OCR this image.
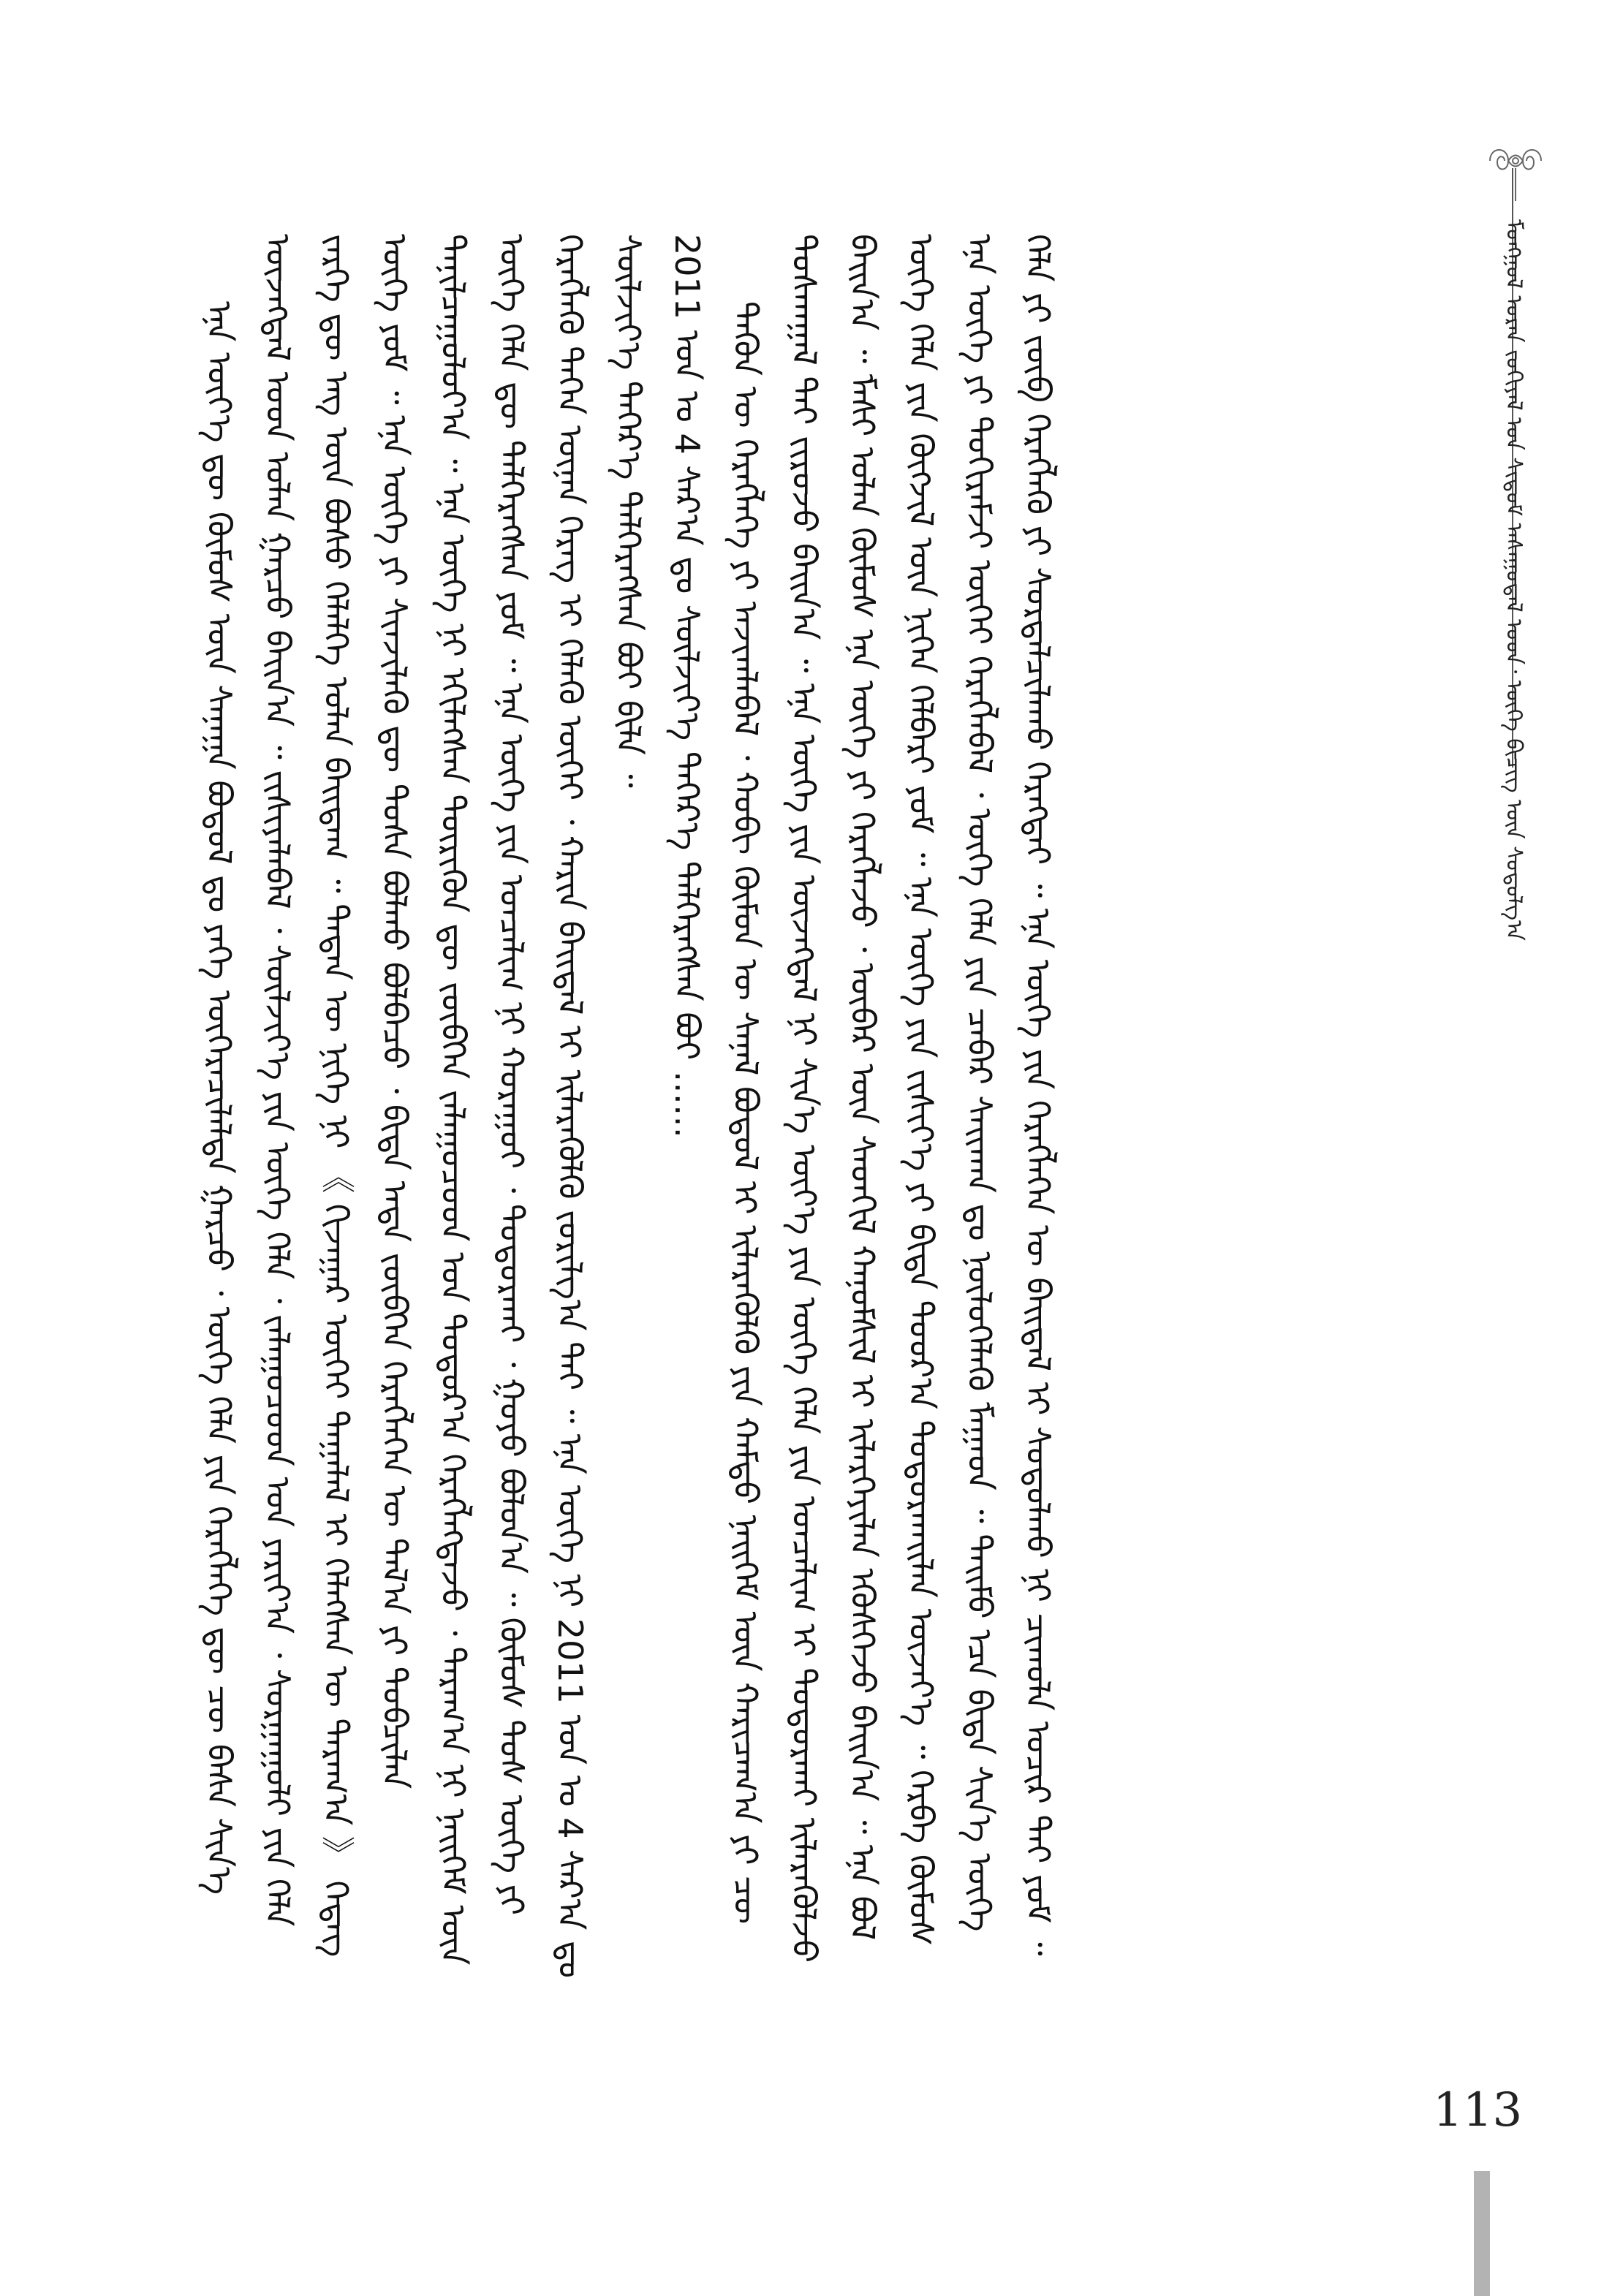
ᠮᠣᠩᠭᠣᠯ ᠤᠷᠠᠨ ᠵᠣᠬᠢᠶᠠᠯ ᠤᠨ ᠰᠢᠳᠦᠮ ᠠᠰᠠᠭᠤᠳᠠᠯ ᠤᠳ᠂ ᠦᠭᠡ ᠪᠢᠴᠢᠭ ᠦᠨ ᠰᠤᠳᠤᠯᠭ᠎ᠠ

ᠡᠨᠡ ᠦᠶ᠎ᠡ ᠳᠦ ᠬᠦᠮᠦᠰ ᠦᠨ ᠰᠠᠨᠠᠭᠠ ᠪᠣᠳᠤᠯ ᠳᠤ ᠶᠡᠬᠡ ᠥᠭᠡᠷᠡᠴᠢᠯᠡᠯᠳᠡ ᠭᠠᠷᠴᠤ ᠂ ᠦᠭᠡ ᠬᠡᠯᠡ ᠶᠢᠨ ᠬᠡᠷᠡᠭᠯᠡᠭᠡ ᠳᠦ ᠴᠦ ᠪᠠᠰᠠ ᠰᠢᠨ᠎ᠡ ᠦᠵᠡᠭᠳᠡᠯ ᠤᠳ ᠣᠯᠠᠨ ᠭᠠᠷᠴᠤ ᠪᠠᠢᠨ᠎ᠠ ᠃ ᠵᠢᠱᠢᠶᠡᠯᠡᠪᠡᠯ ᠂ ᠰᠦᠯᠵᠢᠶ᠎ᠡ ᠶᠢᠨ ᠦᠭᠡ ᠬᠡᠯᠡ ᠂ ᠵᠠᠯᠠᠭᠤᠴᠤᠳ ᠤᠨ ᠶᠠᠷᠢᠶ᠎ᠠ ᠂ ᠰᠤᠷᠭᠠᠭᠤᠯᠢ ᠶᠢᠨ ᠬᠡᠯᠡ ᠵᠡᠷᠭᠡ ᠳᠦ ᠡᠩ ᠦᠨ ᠪᠤᠰᠤ ᠬᠡᠯᠡᠯᠭᠡ ᠣᠯᠠᠨ ᠪᠠᠢᠳᠠᠭ ᠃ ᠲᠡᠳᠡᠨ ᠦ ᠨᠢᠭᠡ ᠨᠢ 《 ᠬᠢᠵᠠᠭᠠᠷ ᠦᠭᠡᠢ ᠲᠠᠭᠠᠯᠠᠯ ᠢ ᠬᠡᠯᠡᠭᠰᠡᠨ ᠦ ᠳᠠᠷᠠᠭ᠎ᠠ 》 ᠭᠡᠳᠡᠭ ᠦᠭᠡ ᠶᠤᠮ ᠃ ᠡᠨᠡ ᠦᠭᠡ ᠶᠢ ᠰᠢᠨᠵᠢᠯᠡᠬᠦ ᠳᠦ ᠲᠤᠰᠠ ᠪᠣᠯᠬᠤ ᠪᠣᠯᠪᠠᠴᠤ ᠂ ᠪᠢᠳᠡ ᠡᠨᠳᠡ ᠵᠥᠪᠬᠡᠨ ᠬᠡᠷᠡᠭᠯᠡᠭᠡᠨ ᠦ ᠲᠠᠯ᠎ᠠ ᠶᠢ ᠲᠣᠪᠴᠢᠯᠠᠨ ᠲᠠᠨᠢᠯᠴᠠᠭᠤᠯᠤᠶ᠎ᠠ ᠃ ᠡᠨᠡ ᠦᠭᠡ ᠨᠢ ᠡᠬᠢᠯᠡᠭᠰᠡᠨ ᠲᠦᠷᠢᠭᠦᠨ ᠳᠦ ᠵᠥᠪᠬᠡᠨ ᠵᠠᠯᠠᠭᠤᠴᠤᠳ ᠤᠨ ᠳᠣᠲᠣᠷ᠎ᠠ ᠬᠡᠷᠡᠭᠯᠡᠭᠳᠡᠵᠦ ᠂ ᠳᠠᠷᠠᠭ᠎ᠠ ᠨᠢ ᠨᠡᠢᠭᠡᠮ ᠦᠨ ᠦᠭᠡ ᠬᠡᠯᠡ ᠳᠦ ᠳᠡᠯᠭᠡᠷᠡᠭᠰᠡᠨ ᠶᠤᠮ ᠃ ᠡᠨᠡ ᠦᠭᠡ ᠶᠢᠨ ᠣᠨᠴᠠᠯᠢᠭ ᠨᠢ ᠬᠤᠷᠠᠭᠤᠢ ᠂ ᠲᠤᠳᠤᠷᠬᠠᠢ ᠂ ᠭᠣᠶᠣ ᠪᠣᠯᠤᠨ᠎ᠠ ᠃ ᠬᠦᠮᠦᠰ ᠲᠤᠰ ᠦᠭᠡ ᠶᠢ ᠬᠡᠷᠡᠭᠯᠡᠬᠦ ᠳᠡᠭᠡᠨ ᠦᠨᠡᠨ ᠬᠡᠷᠡᠭ ᠢ ᠬᠡᠯᠡᠬᠦ ᠦᠭᠡᠢ ᠂ ᠬᠠᠷᠢᠨ ᠪᠠᠢᠳᠠᠯ ᠢ ᠢᠯᠡᠷᠡᠭᠦᠯᠬᠦ ᠵᠣᠷᠢᠯᠭ᠎ᠠ ᠲᠠᠢ ᠃ ᠡᠨᠡ ᠦᠭᠡ ᠨᠢ 2011 ᠣᠨ ᠤ 4 ᠰᠠᠷ᠎ᠠ ᠳᠤ ᠰᠦᠯᠵᠢᠶ᠎ᠡ ᠳᠡᠭᠡᠷ᠎ᠡ ᠳᠡᠯᠭᠡᠷᠡᠭᠰᠡᠨ ᠪᠤᠢ ᠪᠢᠯᠡ ᠃ 2011 ᠣᠨ ᠤ 4 ᠰᠠᠷ᠎ᠠ ᠳᠤ ᠰᠦᠯᠵᠢᠶ᠎ᠡ ᠳᠡᠭᠡᠷ᠎ᠡ ᠳᠡᠯᠭᠡᠷᠡᠭᠰᠡᠨ ᠪᠤᠢ …… ᠲᠡᠭᠦᠨ ᠦ ᠬᠡᠷᠡᠭᠯᠡᠭᠡ ᠶᠢ ᠠᠵᠢᠭᠯᠠᠪᠠᠯ ᠂ ᠬᠤᠪᠢ ᠬᠦᠮᠦᠨ ᠦ ᠰᠠᠨᠠᠯ ᠪᠣᠳᠤᠯ ᠢ ᠢᠯᠡᠷᠡᠭᠦᠯᠬᠦ ᠶᠢᠨ ᠬᠠᠮᠲᠤ ᠨᠡᠢᠭᠡᠮ ᠦᠨ ᠬᠠᠷᠢᠴᠠᠭ᠎ᠠ ᠶᠢ ᠴᠦ ᠲᠤᠰᠬᠠᠭᠠᠯ ᠲᠠᠢ ᠵᠢᠷᠤᠵᠤ ᠪᠠᠢᠨ᠎ᠠ ᠃ ᠡᠨᠡ ᠦᠭᠡ ᠶᠢᠨ ᠦᠵᠡᠭᠳᠡᠯ ᠨᠢ ᠰᠢᠨ᠎ᠡ ᠦᠶ᠎ᠡ ᠶᠢᠨ ᠦᠭᠡ ᠬᠡᠯᠡ ᠶᠢᠨ ᠣᠨᠴᠠᠯᠢᠭ ᠢ ᠲᠣᠳᠣᠷᠬᠠᠢ ᠢᠯᠡᠷᠡᠭᠦᠯᠵᠦ ᠪᠠᠢᠨ᠎ᠠ ᠃ ᠮᠠᠰᠢ ᠣᠯᠠᠨ ᠬᠦᠮᠦᠰ ᠡᠨᠡ ᠦᠭᠡ ᠶᠢ ᠬᠡᠷᠡᠭᠯᠡᠵᠦ ᠂ ᠥᠪᠡᠷ ᠦᠨ ᠰᠡᠳᠬᠢᠯ ᠬᠠᠨᠤᠮᠰᠢᠯ ᠢ ᠢᠯᠡᠷᠬᠡᠶᠢᠯᠡᠨ ᠡᠭᠦᠰᠭᠡᠵᠦ ᠪᠠᠢᠨ᠎ᠠ ᠃ ᠡᠨᠡ ᠪᠣᠯ ᠦᠭᠡ ᠬᠡᠯᠡ ᠶᠢᠨ ᠬᠥᠭᠵᠢᠯ ᠦᠨ ᠨᠢᠭᠡᠨ ᠬᠡᠯᠪᠡᠷᠢ ᠶᠤᠮ ᠃ ᠡᠨᠡ ᠦᠭᠡ ᠶᠢᠨ ᠵᠢᠱᠢᠶ᠎ᠡ ᠶᠢ ᠪᠢᠳᠡ ᠳᠣᠣᠷ᠎ᠠ ᠲᠣᠳᠣᠷᠬᠠᠢᠯᠠᠨ ᠦᠵᠡᠶ᠎ᠡ ᠃ ᠬᠡᠷᠪᠡ ᠬᠦᠮᠦᠰ ᠡᠨᠡ ᠦᠭᠡ ᠶᠢ ᠲᠣᠬᠢᠷᠠᠮᠵᠢ ᠦᠭᠡᠢ ᠬᠡᠷᠡᠭᠯᠡᠪᠡᠯ ᠂ ᠦᠭᠡ ᠬᠡᠯᠡ ᠶᠢᠨ ᠴᠡᠪᠡᠷ ᠰᠠᠢᠬᠠᠨ ᠳᠤ ᠨᠥᠯᠦᠭᠡᠯᠡᠬᠦ ᠮᠠᠭᠠᠳ ᠃ ᠲᠡᠢᠮᠦ ᠡᠴᠡ ᠪᠢᠳᠡ ᠰᠢᠨ᠎ᠡ ᠦᠭᠡ ᠬᠡᠯᠡ ᠶᠢ ᠵᠥᠪ ᠬᠡᠷᠡᠭᠯᠡᠬᠦ ᠶᠢ ᠰᠤᠷᠲᠠᠯᠴᠢᠯᠠᠬᠤ ᠬᠡᠷᠡᠭᠲᠡᠢ ᠃ ᠡᠨᠡ ᠦᠭᠡ ᠶᠢᠨ ᠬᠡᠷᠡᠭᠯᠡᠭᠡᠨ ᠦ ᠪᠠᠢᠳᠠᠯ ᠢ ᠰᠤᠳᠤᠯᠬᠤ ᠨᠢ ᠴᠢᠬᠤᠯᠠ ᠤᠴᠢᠷ ᠲᠠᠢ ᠶᠤᠮ ᠃

113
